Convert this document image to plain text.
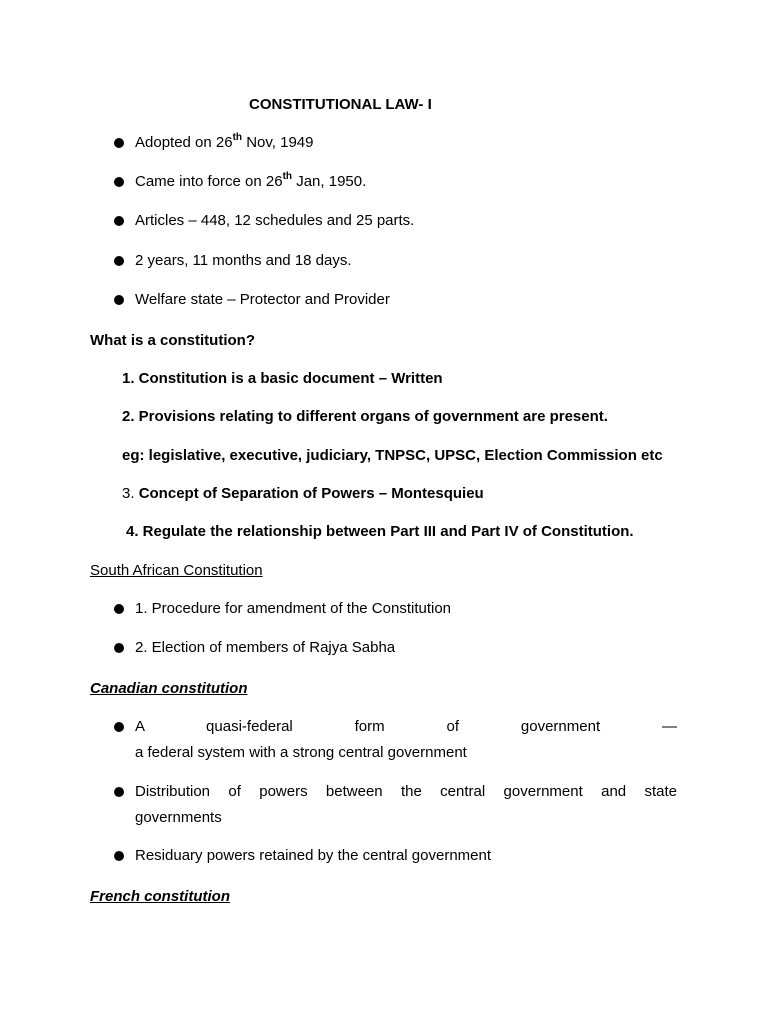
CONSTITUTIONAL LAW- I
Adopted on 26th Nov, 1949
Came into force on 26th Jan, 1950.
Articles – 448, 12 schedules and 25 parts.
2 years, 11 months and 18 days.
Welfare state – Protector and Provider
What is a constitution?
1. Constitution is a basic document – Written
2. Provisions relating to different organs of government are present.
eg: legislative, executive, judiciary, TNPSC, UPSC, Election Commission etc
3. Concept of Separation of Powers – Montesquieu
4. Regulate the relationship between Part III and Part IV of Constitution.
South African Constitution
1. Procedure for amendment of the Constitution
2. Election of members of Rajya Sabha
Canadian constitution
A quasi-federal form of government —
a federal system with a strong central government
Distribution of powers between the central government and state
governments
Residuary powers retained by the central government
French constitution
